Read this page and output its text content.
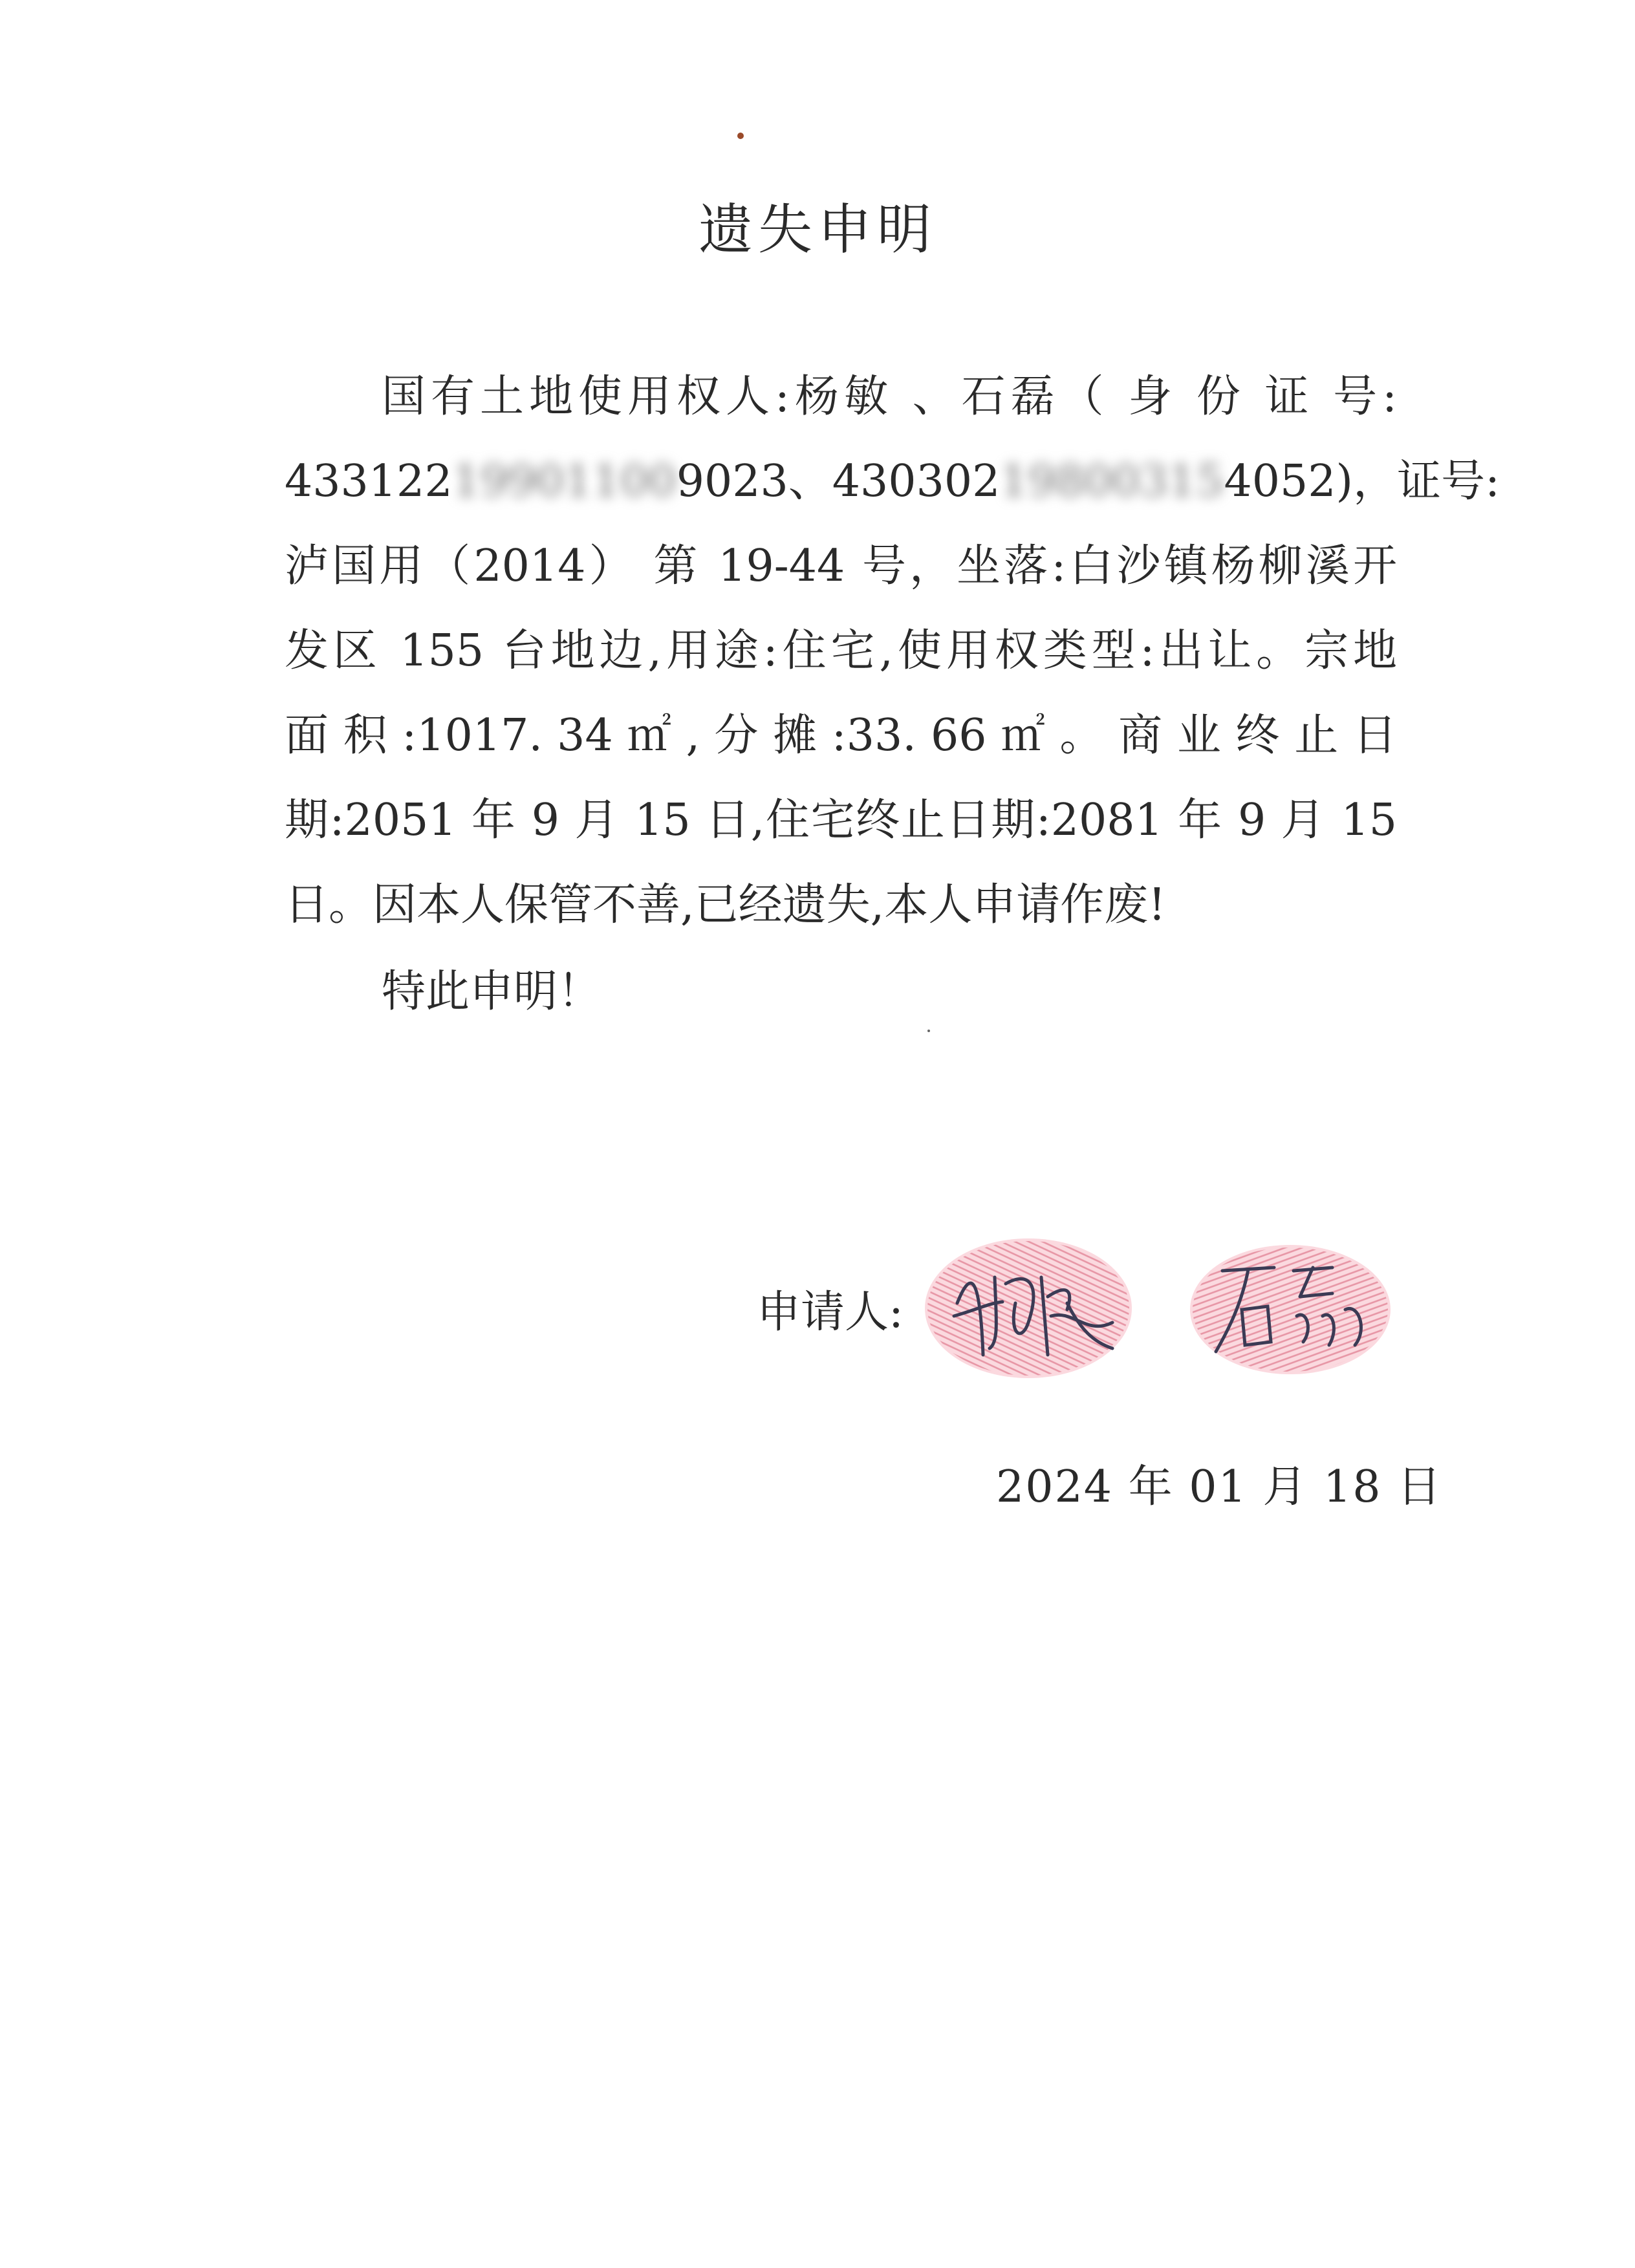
遗失申明
国有土地使用权人:杨敏 、石磊（ 身 份 证 号:
433122199011009023、430302198003154052)，证号:
泸国用（2014） 第 19-44 号，坐落:白沙镇杨柳溪开
发区 155 台地边,用途:住宅,使用权类型:出让。宗地
面 积 :1017. 34 ㎡ , 分 摊 :33. 66 ㎡ 。 商 业 终 止 日
期:2051 年 9 月 15 日,住宅终止日期:2081 年 9 月 15
日。因本人保管不善,已经遗失,本人申请作废!
特此申明！
申请人:
2024 年 01 月 18 日
